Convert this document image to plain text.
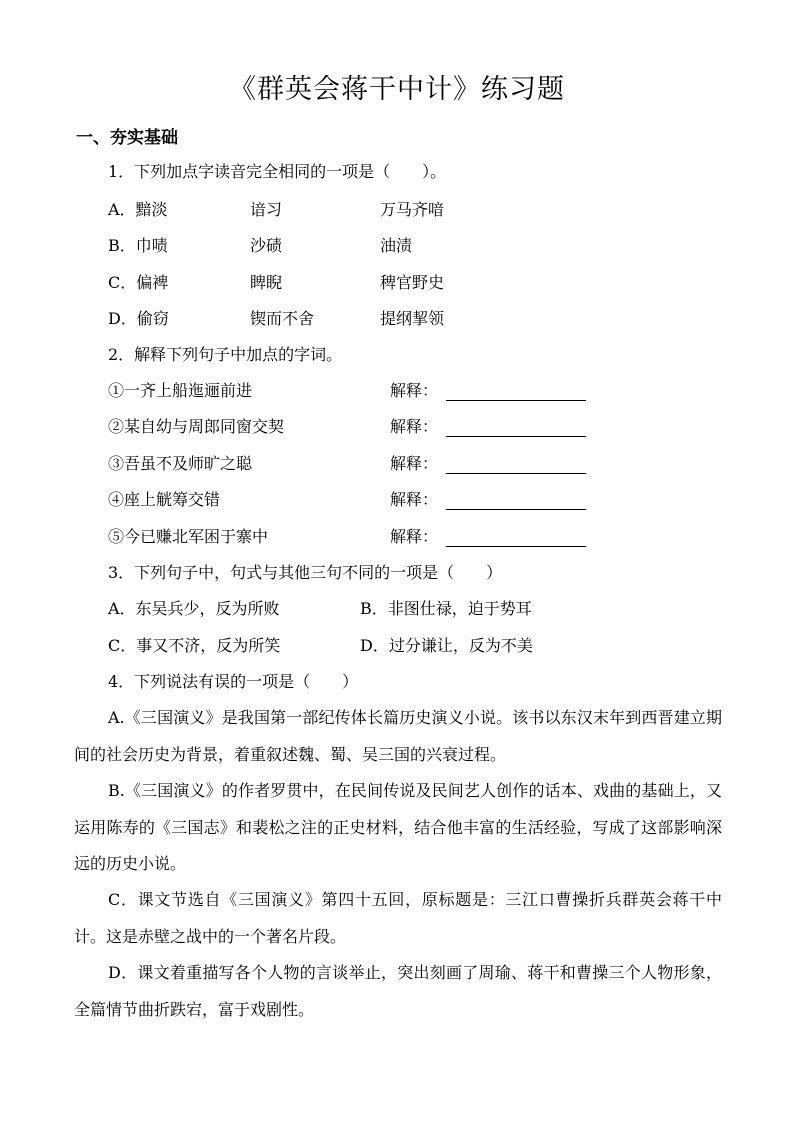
《群英会蒋干中计》练习题
一、夯实基础
1．下列加点字读音完全相同的一项是（　　）。
A．黯淡	谙习	万马齐喑
B．巾啧	沙碛	油渍
C．偏裨	睥睨	稗官野史
D．偷窃	锲而不舍	提纲挈领
2．解释下列句子中加点的字词。
①一齐上船迤逦前进	解释：
②某自幼与周郎同窗交契	解释：
③吾虽不及师旷之聪	解释：
④座上觥筹交错	解释：
⑤今已赚北军困于寨中	解释：
3．下列句子中，句式与其他三句不同的一项是（　　）
A．东吴兵少，反为所败	B．非图仕禄，迫于势耳
C．事又不济，反为所笑	D．过分谦让，反为不美
4．下列说法有误的一项是（　　）
A.《三国演义》是我国第一部纪传体长篇历史演义小说。该书以东汉末年到西晋建立期间的社会历史为背景，着重叙述魏、蜀、吴三国的兴衰过程。
B.《三国演义》的作者罗贯中，在民间传说及民间艺人创作的话本、戏曲的基础上，又运用陈寿的《三国志》和裴松之注的正史材料，结合他丰富的生活经验，写成了这部影响深远的历史小说。
C．课文节选自《三国演义》第四十五回，原标题是：三江口曹操折兵群英会蒋干中计。这是赤壁之战中的一个著名片段。
D．课文着重描写各个人物的言谈举止，突出刻画了周瑜、蒋干和曹操三个人物形象，全篇情节曲折跌宕，富于戏剧性。
